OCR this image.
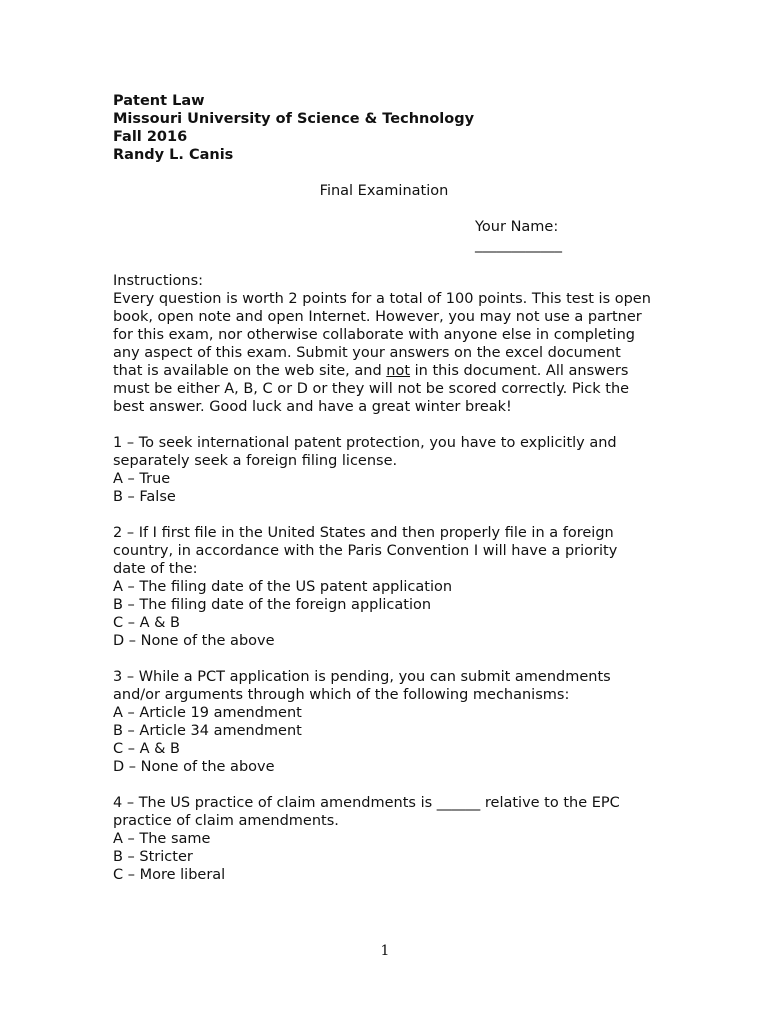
Patent Law
Missouri University of Science & Technology
Fall 2016
Randy L. Canis
Final Examination
Your Name:
____________
Instructions:
Every question is worth 2 points for a total of 100 points. This test is open book, open note and open Internet. However, you may not use a partner for this exam, nor otherwise collaborate with anyone else in completing any aspect of this exam. Submit your answers on the excel document that is available on the web site, and not in this document. All answers must be either A, B, C or D or they will not be scored correctly. Pick the best answer. Good luck and have a great winter break!
1 – To seek international patent protection, you have to explicitly and separately seek a foreign filing license.
A – True
B – False
2 – If I first file in the United States and then properly file in a foreign country, in accordance with the Paris Convention I will have a priority date of the:
A – The filing date of the US patent application
B – The filing date of the foreign application
C – A & B
D – None of the above
3 – While a PCT application is pending, you can submit amendments and/or arguments through which of the following mechanisms:
A – Article 19 amendment
B – Article 34 amendment
C – A & B
D – None of the above
4 – The US practice of claim amendments is ______ relative to the EPC practice of claim amendments.
A – The same
B – Stricter
C – More liberal
1
